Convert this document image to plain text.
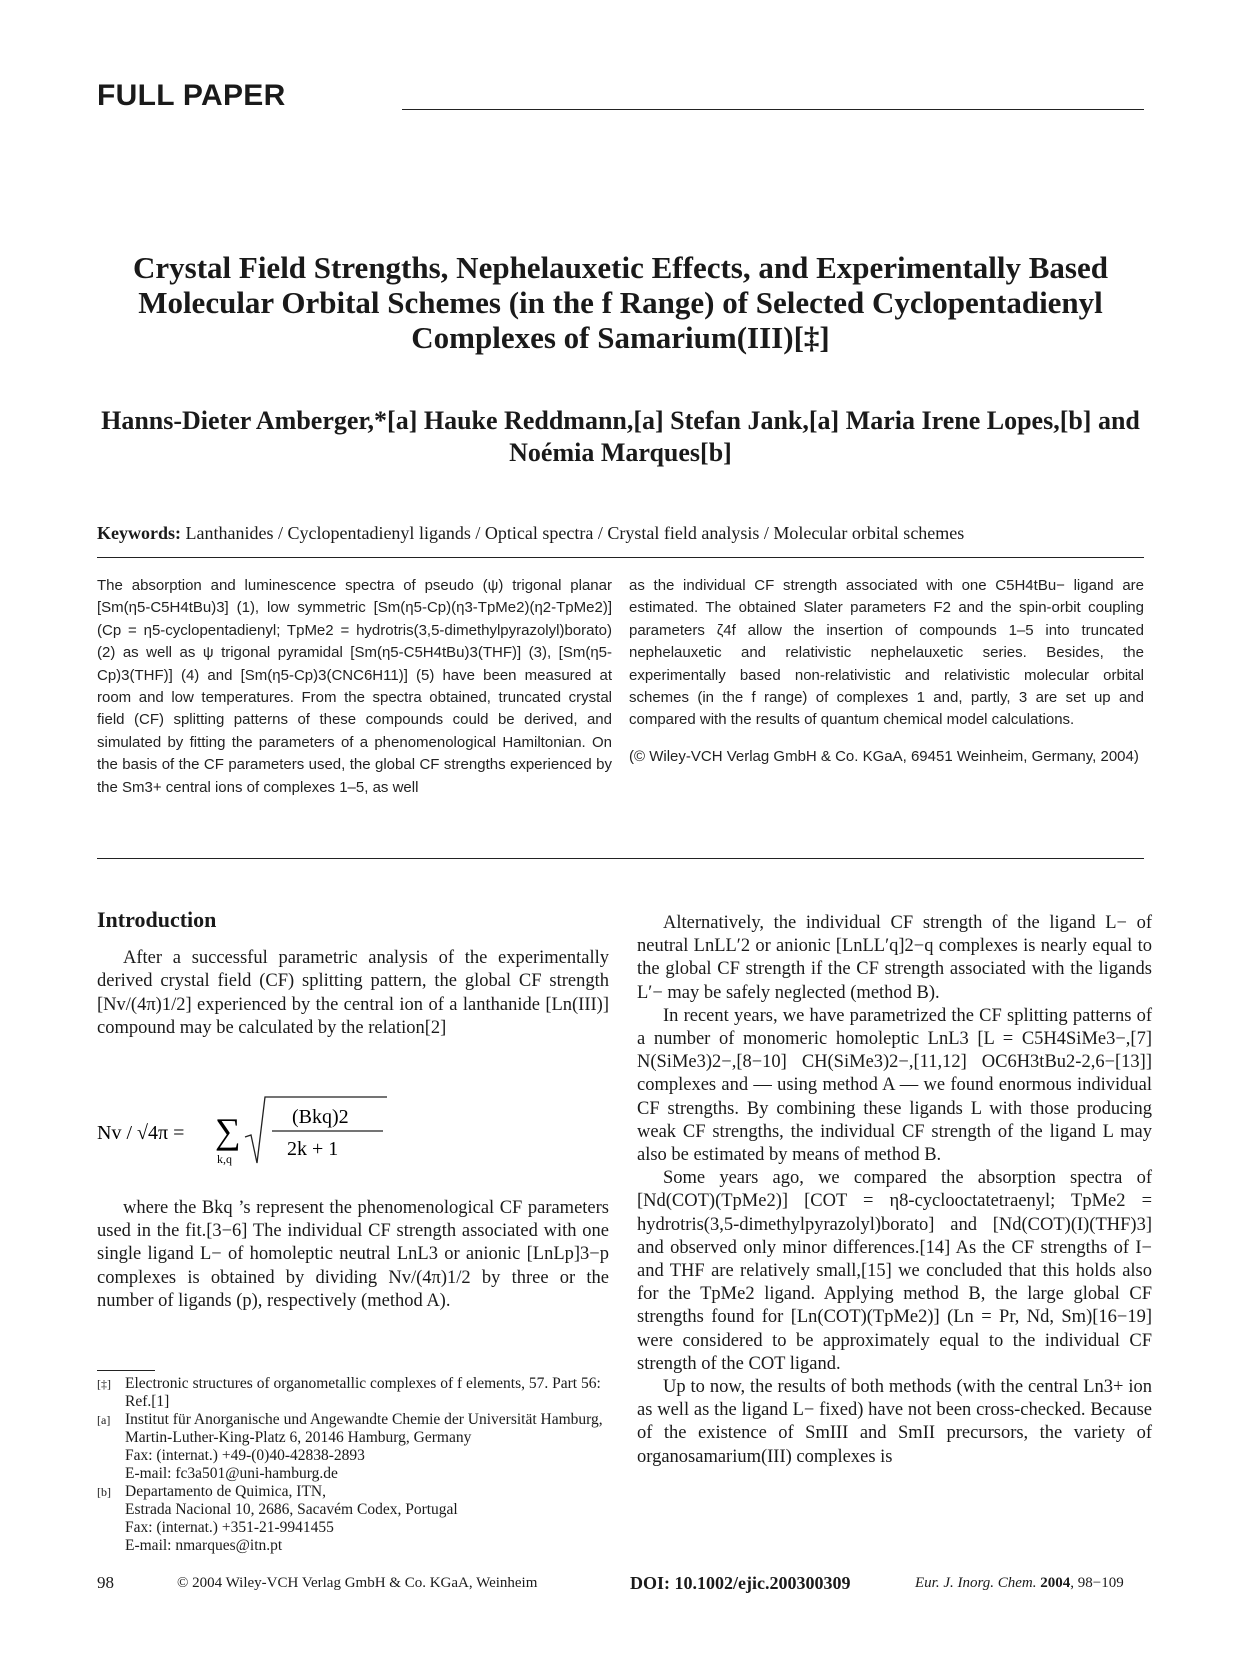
FULL PAPER
Crystal Field Strengths, Nephelauxetic Effects, and Experimentally Based
Molecular Orbital Schemes (in the f Range) of Selected Cyclopentadienyl
Complexes of Samarium(III)[‡]
Hanns-Dieter Amberger,*[a] Hauke Reddmann,[a] Stefan Jank,[a] Maria Irene Lopes,[b] and
Noémia Marques[b]
Keywords: Lanthanides / Cyclopentadienyl ligands / Optical spectra / Crystal field analysis / Molecular orbital schemes

The absorption and luminescence spectra of pseudo (ψ) trigonal planar [Sm(η5-C5H4tBu)3] (1), low symmetric [Sm(η5-Cp)(η3-TpMe2)(η2-TpMe2)] (Cp = η5-cyclopentadienyl; TpMe2 = hydrotris(3,5-dimethylpyrazolyl)borato) (2) as well as ψ trigonal pyramidal [Sm(η5-C5H4tBu)3(THF)] (3), [Sm(η5-Cp)3(THF)] (4) and [Sm(η5-Cp)3(CNC6H11)] (5) have been measured at room and low temperatures. From the spectra obtained, truncated crystal field (CF) splitting patterns of these compounds could be derived, and simulated by fitting the parameters of a phenomenological Hamiltonian. On the basis of the CF parameters used, the global CF strengths experienced by the Sm3+ central ions of complexes 1–5, as well

as the individual CF strength associated with one C5H4tBu− ligand are estimated. The obtained Slater parameters F2 and the spin-orbit coupling parameters ζ4f allow the insertion of compounds 1–5 into truncated nephelauxetic and relativistic nephelauxetic series. Besides, the experimentally based non-relativistic and relativistic molecular orbital schemes (in the f range) of complexes 1 and, partly, 3 are set up and compared with the results of quantum chemical model calculations.

(© Wiley-VCH Verlag GmbH & Co. KGaA, 69451 Weinheim, Germany, 2004)

Introduction

After a successful parametric analysis of the experimentally derived crystal field (CF) splitting pattern, the global CF strength [Nv/(4π)1/2] experienced by the central ion of a lanthanide [Ln(III)] compound may be calculated by the relation[2]

Nv / √4π = ∑
k,q
(Bkq)2
2k + 1

where the Bkq ’s represent the phenomenological CF parameters used in the fit.[3−6] The individual CF strength associated with one single ligand L− of homoleptic neutral LnL3 or anionic [LnLp]3−p complexes is obtained by dividing Nv/(4π)1/2 by three or the number of ligands (p), respectively (method A).

Alternatively, the individual CF strength of the ligand L− of neutral LnLL′2 or anionic [LnLL′q]2−q complexes is nearly equal to the global CF strength if the CF strength associated with the ligands L′− may be safely neglected (method B).

In recent years, we have parametrized the CF splitting patterns of a number of monomeric homoleptic LnL3 [L = C5H4SiMe3−,[7] N(SiMe3)2−,[8−10] CH(SiMe3)2−,[11,12] OC6H3tBu2-2,6−[13]] complexes and — using method A — we found enormous individual CF strengths. By combining these ligands L with those producing weak CF strengths, the individual CF strength of the ligand L may also be estimated by means of method B.

Some years ago, we compared the absorption spectra of [Nd(COT)(TpMe2)] [COT = η8-cyclooctatetraenyl; TpMe2 = hydrotris(3,5-dimethylpyrazolyl)borato] and [Nd(COT)(I)(THF)3] and observed only minor differences.[14] As the CF strengths of I− and THF are relatively small,[15] we concluded that this holds also for the TpMe2 ligand. Applying method B, the large global CF strengths found for [Ln(COT)(TpMe2)] (Ln = Pr, Nd, Sm)[16−19] were considered to be approximately equal to the individual CF strength of the COT ligand.

Up to now, the results of both methods (with the central Ln3+ ion as well as the ligand L− fixed) have not been cross-checked. Because of the existence of SmIII and SmII precursors, the variety of organosamarium(III) complexes is

[‡] Electronic structures of organometallic complexes of f elements, 57. Part 56: Ref.[1]
[a] Institut für Anorganische und Angewandte Chemie der Universität Hamburg,
Martin-Luther-King-Platz 6, 20146 Hamburg, Germany
Fax: (internat.) +49-(0)40-42838-2893
E-mail: fc3a501@uni-hamburg.de
[b] Departamento de Quimica, ITN,
Estrada Nacional 10, 2686, Sacavém Codex, Portugal
Fax: (internat.) +351-21-9941455
E-mail: nmarques@itn.pt
98	© 2004 Wiley-VCH Verlag GmbH & Co. KGaA, Weinheim	DOI: 10.1002/ejic.200300309	Eur. J. Inorg. Chem. 2004, 98−109
